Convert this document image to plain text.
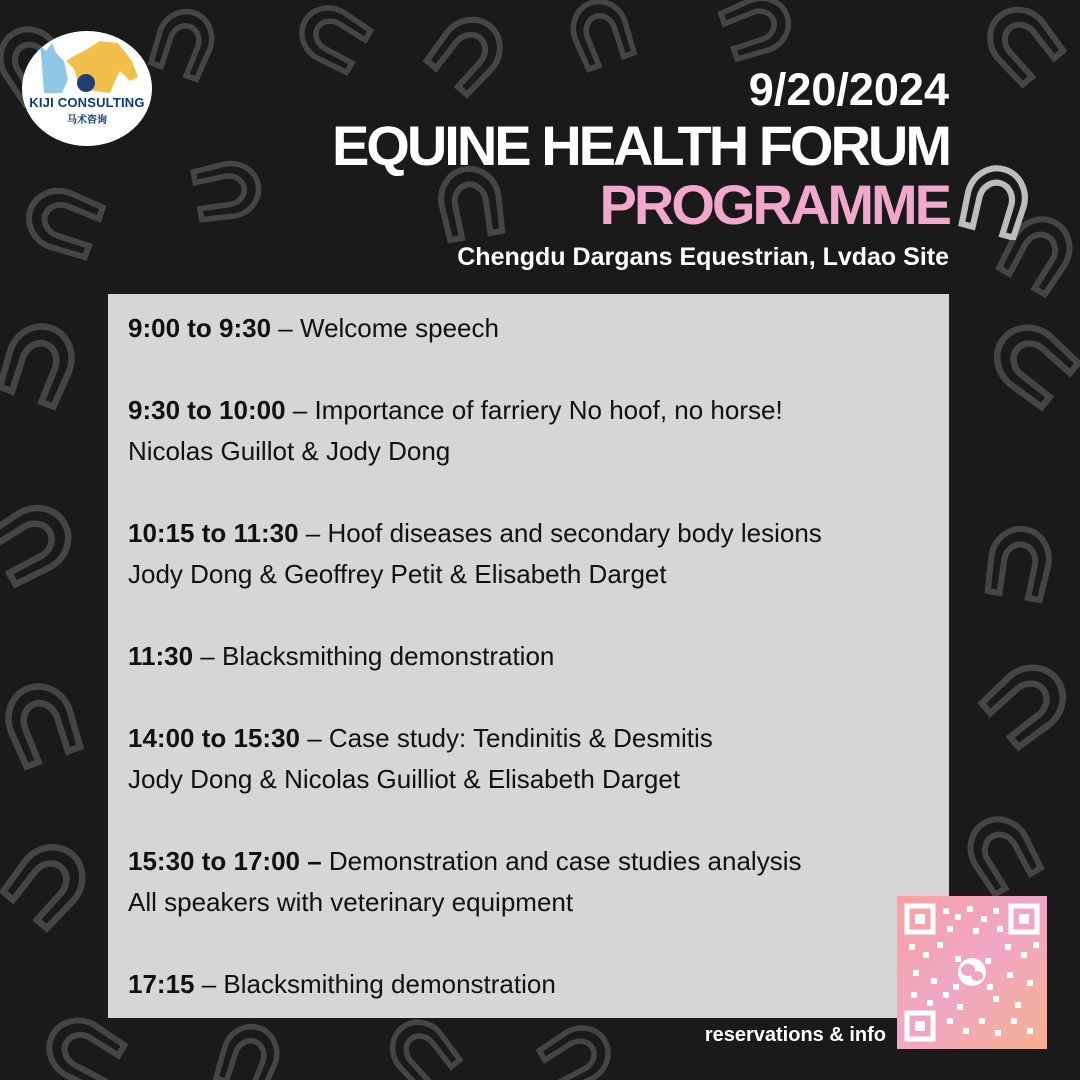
KIJI CONSULTING
马术咨询
9/20/2024
EQUINE HEALTH FORUM
PROGRAMME
Chengdu Dargans Equestrian, Lvdao Site
9:00 to 9:30 – Welcome speech
9:30 to 10:00 – Importance of farriery No hoof, no horse!
Nicolas Guillot & Jody Dong
10:15 to 11:30 – Hoof diseases and secondary body lesions
Jody Dong & Geoffrey Petit & Elisabeth Darget
11:30 – Blacksmithing demonstration
14:00 to 15:30 – Case study: Tendinitis & Desmitis
Jody Dong & Nicolas Guilliot & Elisabeth Darget
15:30 to 17:00 – Demonstration and case studies analysis
All speakers with veterinary equipment
17:15 – Blacksmithing demonstration
reservations & info
